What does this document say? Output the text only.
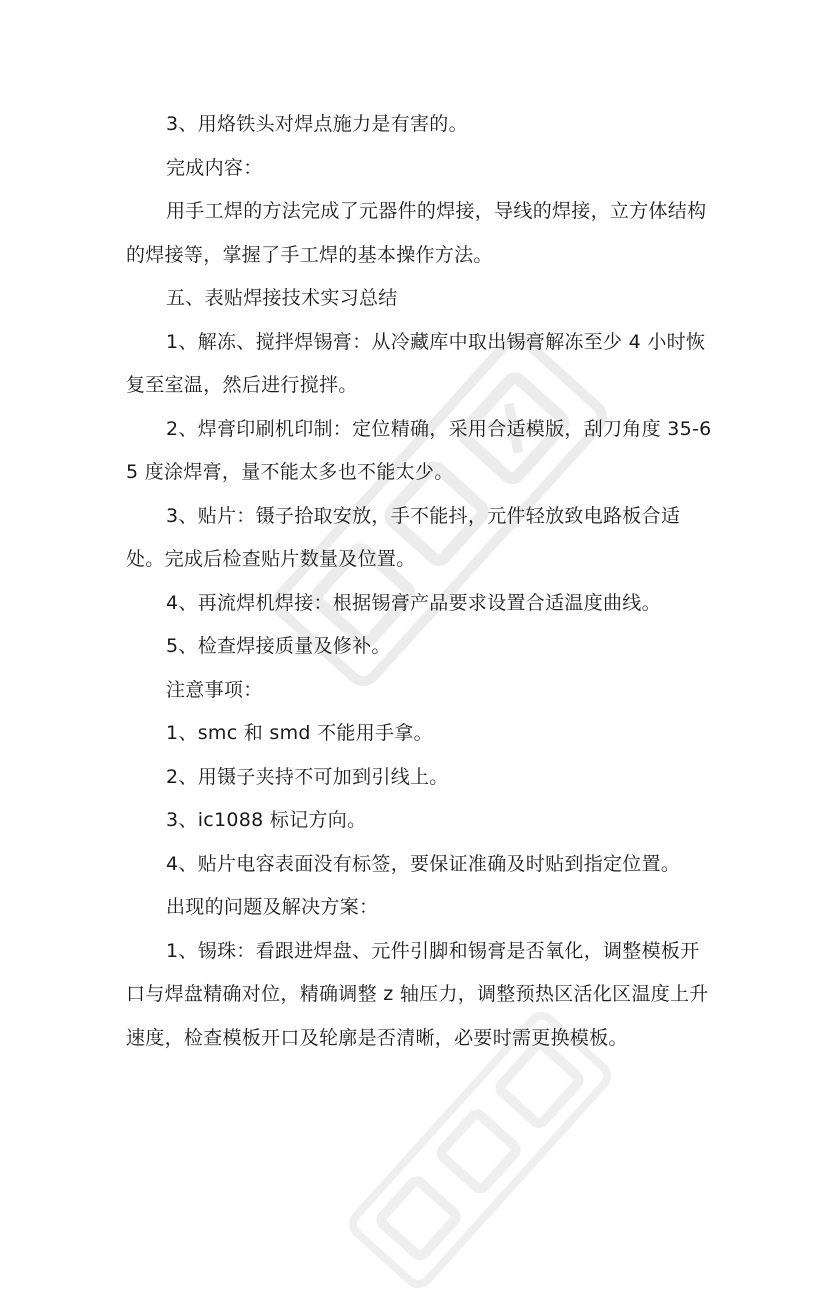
3、用烙铁头对焊点施力是有害的。

完成内容：

用手工焊的方法完成了元器件的焊接，导线的焊接，立方体结构的焊接等，掌握了手工焊的基本操作方法。

五、表贴焊接技术实习总结

1、解冻、搅拌焊锡膏：从冷藏库中取出锡膏解冻至少 4 小时恢复至室温，然后进行搅拌。

2、焊膏印刷机印制：定位精确，采用合适模版，刮刀角度 35-65 度涂焊膏，量不能太多也不能太少。

3、贴片：镊子拾取安放，手不能抖，元件轻放致电路板合适处。完成后检查贴片数量及位置。

4、再流焊机焊接：根据锡膏产品要求设置合适温度曲线。

5、检查焊接质量及修补。

注意事项：

1、smc 和 smd 不能用手拿。

2、用镊子夹持不可加到引线上。

3、ic1088 标记方向。

4、贴片电容表面没有标签，要保证准确及时贴到指定位置。

出现的问题及解决方案：

1、锡珠：看跟进焊盘、元件引脚和锡膏是否氧化，调整模板开口与焊盘精确对位，精确调整 z 轴压力，调整预热区活化区温度上升速度，检查模板开口及轮廓是否清晰，必要时需更换模板。
